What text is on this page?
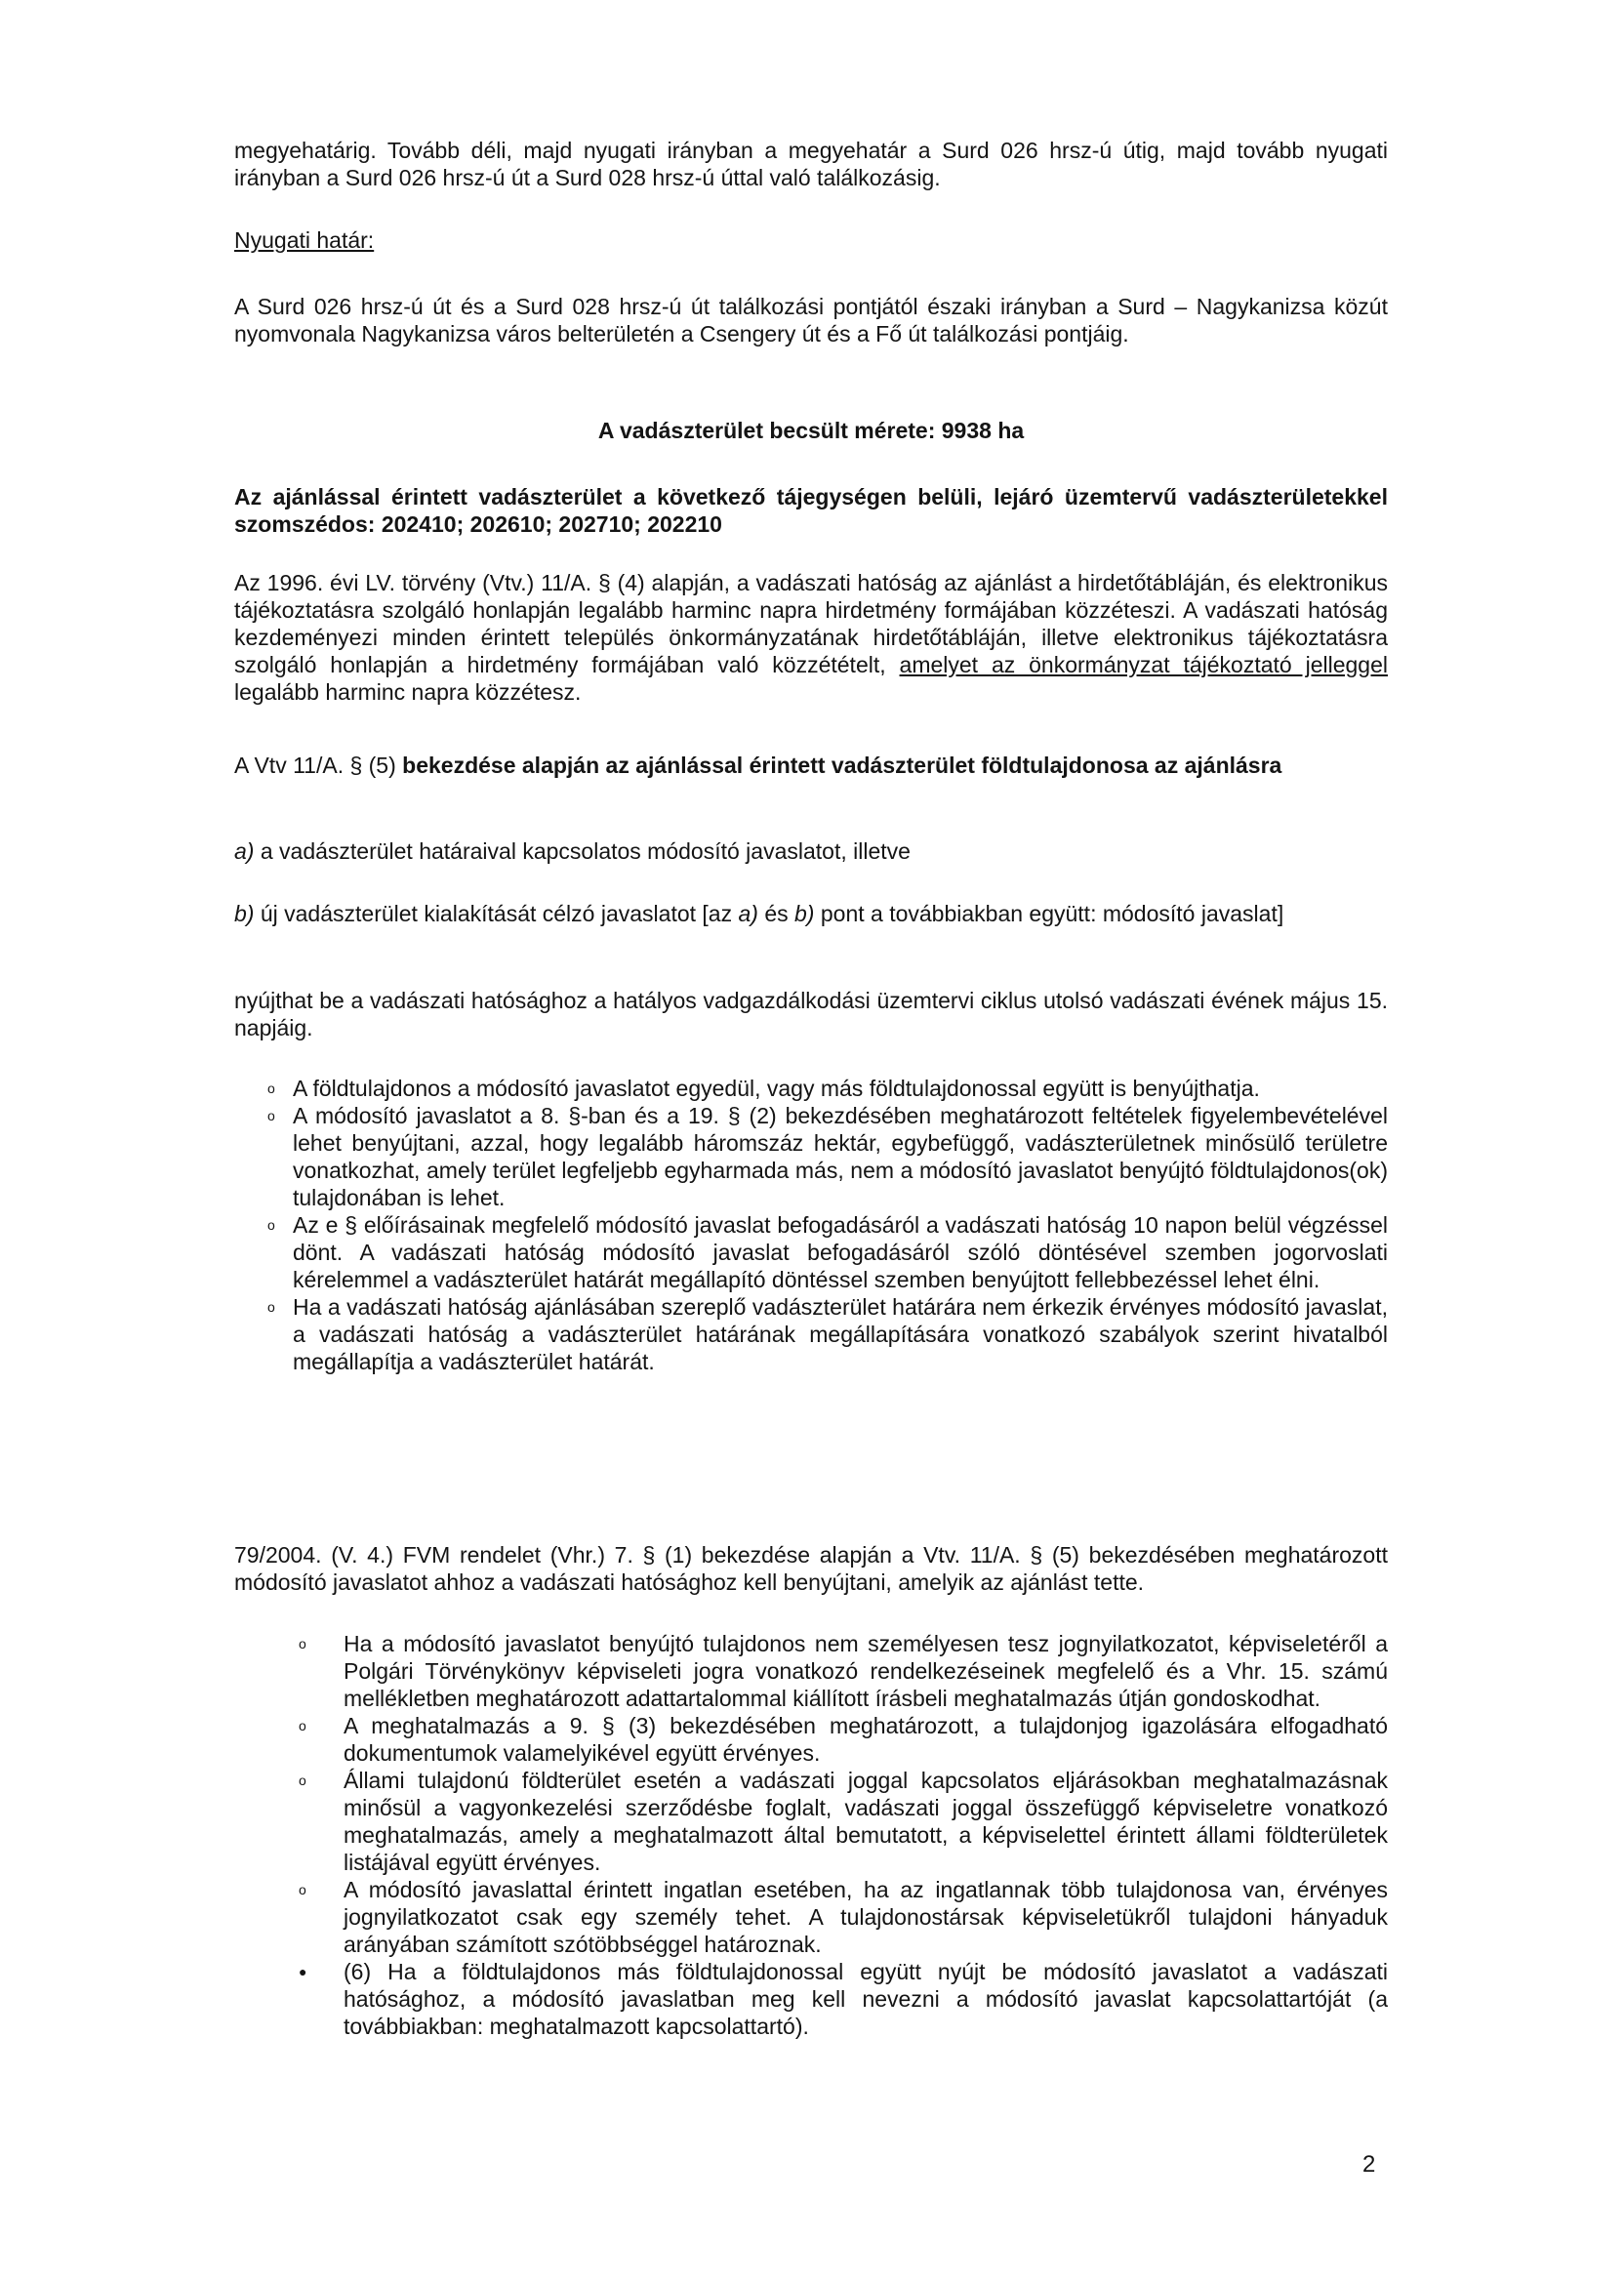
megyehatárig. Tovább déli, majd nyugati irányban a megyehatár a Surd 026 hrsz-ú útig, majd tovább nyugati irányban a Surd 026 hrsz-ú út a Surd 028 hrsz-ú úttal való találkozásig.

Nyugati határ:

A Surd 026 hrsz-ú út és a Surd 028 hrsz-ú út találkozási pontjától északi irányban a Surd – Nagykanizsa közút nyomvonala Nagykanizsa város belterületén a Csengery út és a Fő út találkozási pontjáig.

A vadászterület becsült mérete: 9938 ha

Az ajánlással érintett vadászterület a következő tájegységen belüli, lejáró üzemtervű vadászterületekkel szomszédos: 202410; 202610; 202710; 202210

Az 1996. évi LV. törvény (Vtv.) 11/A. § (4) alapján, a vadászati hatóság az ajánlást a hirdetőtábláján, és elektronikus tájékoztatásra szolgáló honlapján legalább harminc napra hirdetmény formájában közzéteszi. A vadászati hatóság kezdeményezi minden érintett település önkormányzatának hirdetőtábláján, illetve elektronikus tájékoztatásra szolgáló honlapján a hirdetmény formájában való közzétételt, amelyet az önkormányzat tájékoztató jelleggel legalább harminc napra közzétesz.

A Vtv 11/A. § (5) bekezdése alapján az ajánlással érintett vadászterület földtulajdonosa az ajánlásra

a) a vadászterület határaival kapcsolatos módosító javaslatot, illetve

b) új vadászterület kialakítását célzó javaslatot [az a) és b) pont a továbbiakban együtt: módosító javaslat]

nyújthat be a vadászati hatósághoz a hatályos vadgazdálkodási üzemtervi ciklus utolsó vadászati évének május 15. napjáig.

o A földtulajdonos a módosító javaslatot egyedül, vagy más földtulajdonossal együtt is benyújthatja.
o A módosító javaslatot a 8. §-ban és a 19. § (2) bekezdésében meghatározott feltételek figyelembevételével lehet benyújtani, azzal, hogy legalább háromszáz hektár, egybefüggő, vadászterületnek minősülő területre vonatkozhat, amely terület legfeljebb egyharmada más, nem a módosító javaslatot benyújtó földtulajdonos(ok) tulajdonában is lehet.
o Az e § előírásainak megfelelő módosító javaslat befogadásáról a vadászati hatóság 10 napon belül végzéssel dönt. A vadászati hatóság módosító javaslat befogadásáról szóló döntésével szemben jogorvoslati kérelemmel a vadászterület határát megállapító döntéssel szemben benyújtott fellebbezéssel lehet élni.
o Ha a vadászati hatóság ajánlásában szereplő vadászterület határára nem érkezik érvényes módosító javaslat, a vadászati hatóság a vadászterület határának megállapítására vonatkozó szabályok szerint hivatalból megállapítja a vadászterület határát.

79/2004. (V. 4.) FVM rendelet (Vhr.) 7. § (1) bekezdése alapján a Vtv. 11/A. § (5) bekezdésében meghatározott módosító javaslatot ahhoz a vadászati hatósághoz kell benyújtani, amelyik az ajánlást tette.

o Ha a módosító javaslatot benyújtó tulajdonos nem személyesen tesz jognyilatkozatot, képviseletéről a Polgári Törvénykönyv képviseleti jogra vonatkozó rendelkezéseinek megfelelő és a Vhr. 15. számú mellékletben meghatározott adattartalommal kiállított írásbeli meghatalmazás útján gondoskodhat.
o A meghatalmazás a 9. § (3) bekezdésében meghatározott, a tulajdonjog igazolására elfogadható dokumentumok valamelyikével együtt érvényes.
o Állami tulajdonú földterület esetén a vadászati joggal kapcsolatos eljárásokban meghatalmazásnak minősül a vagyonkezelési szerződésbe foglalt, vadászati joggal összefüggő képviseletre vonatkozó meghatalmazás, amely a meghatalmazott által bemutatott, a képviselettel érintett állami földterületek listájával együtt érvényes.
o A módosító javaslattal érintett ingatlan esetében, ha az ingatlannak több tulajdonosa van, érvényes jognyilatkozatot csak egy személy tehet. A tulajdonostársak képviseletükről tulajdoni hányaduk arányában számított szótöbbséggel határoznak.
● (6) Ha a földtulajdonos más földtulajdonossal együtt nyújt be módosító javaslatot a vadászati hatósághoz, a módosító javaslatban meg kell nevezni a módosító javaslat kapcsolattartóját (a továbbiakban: meghatalmazott kapcsolattartó).
2
